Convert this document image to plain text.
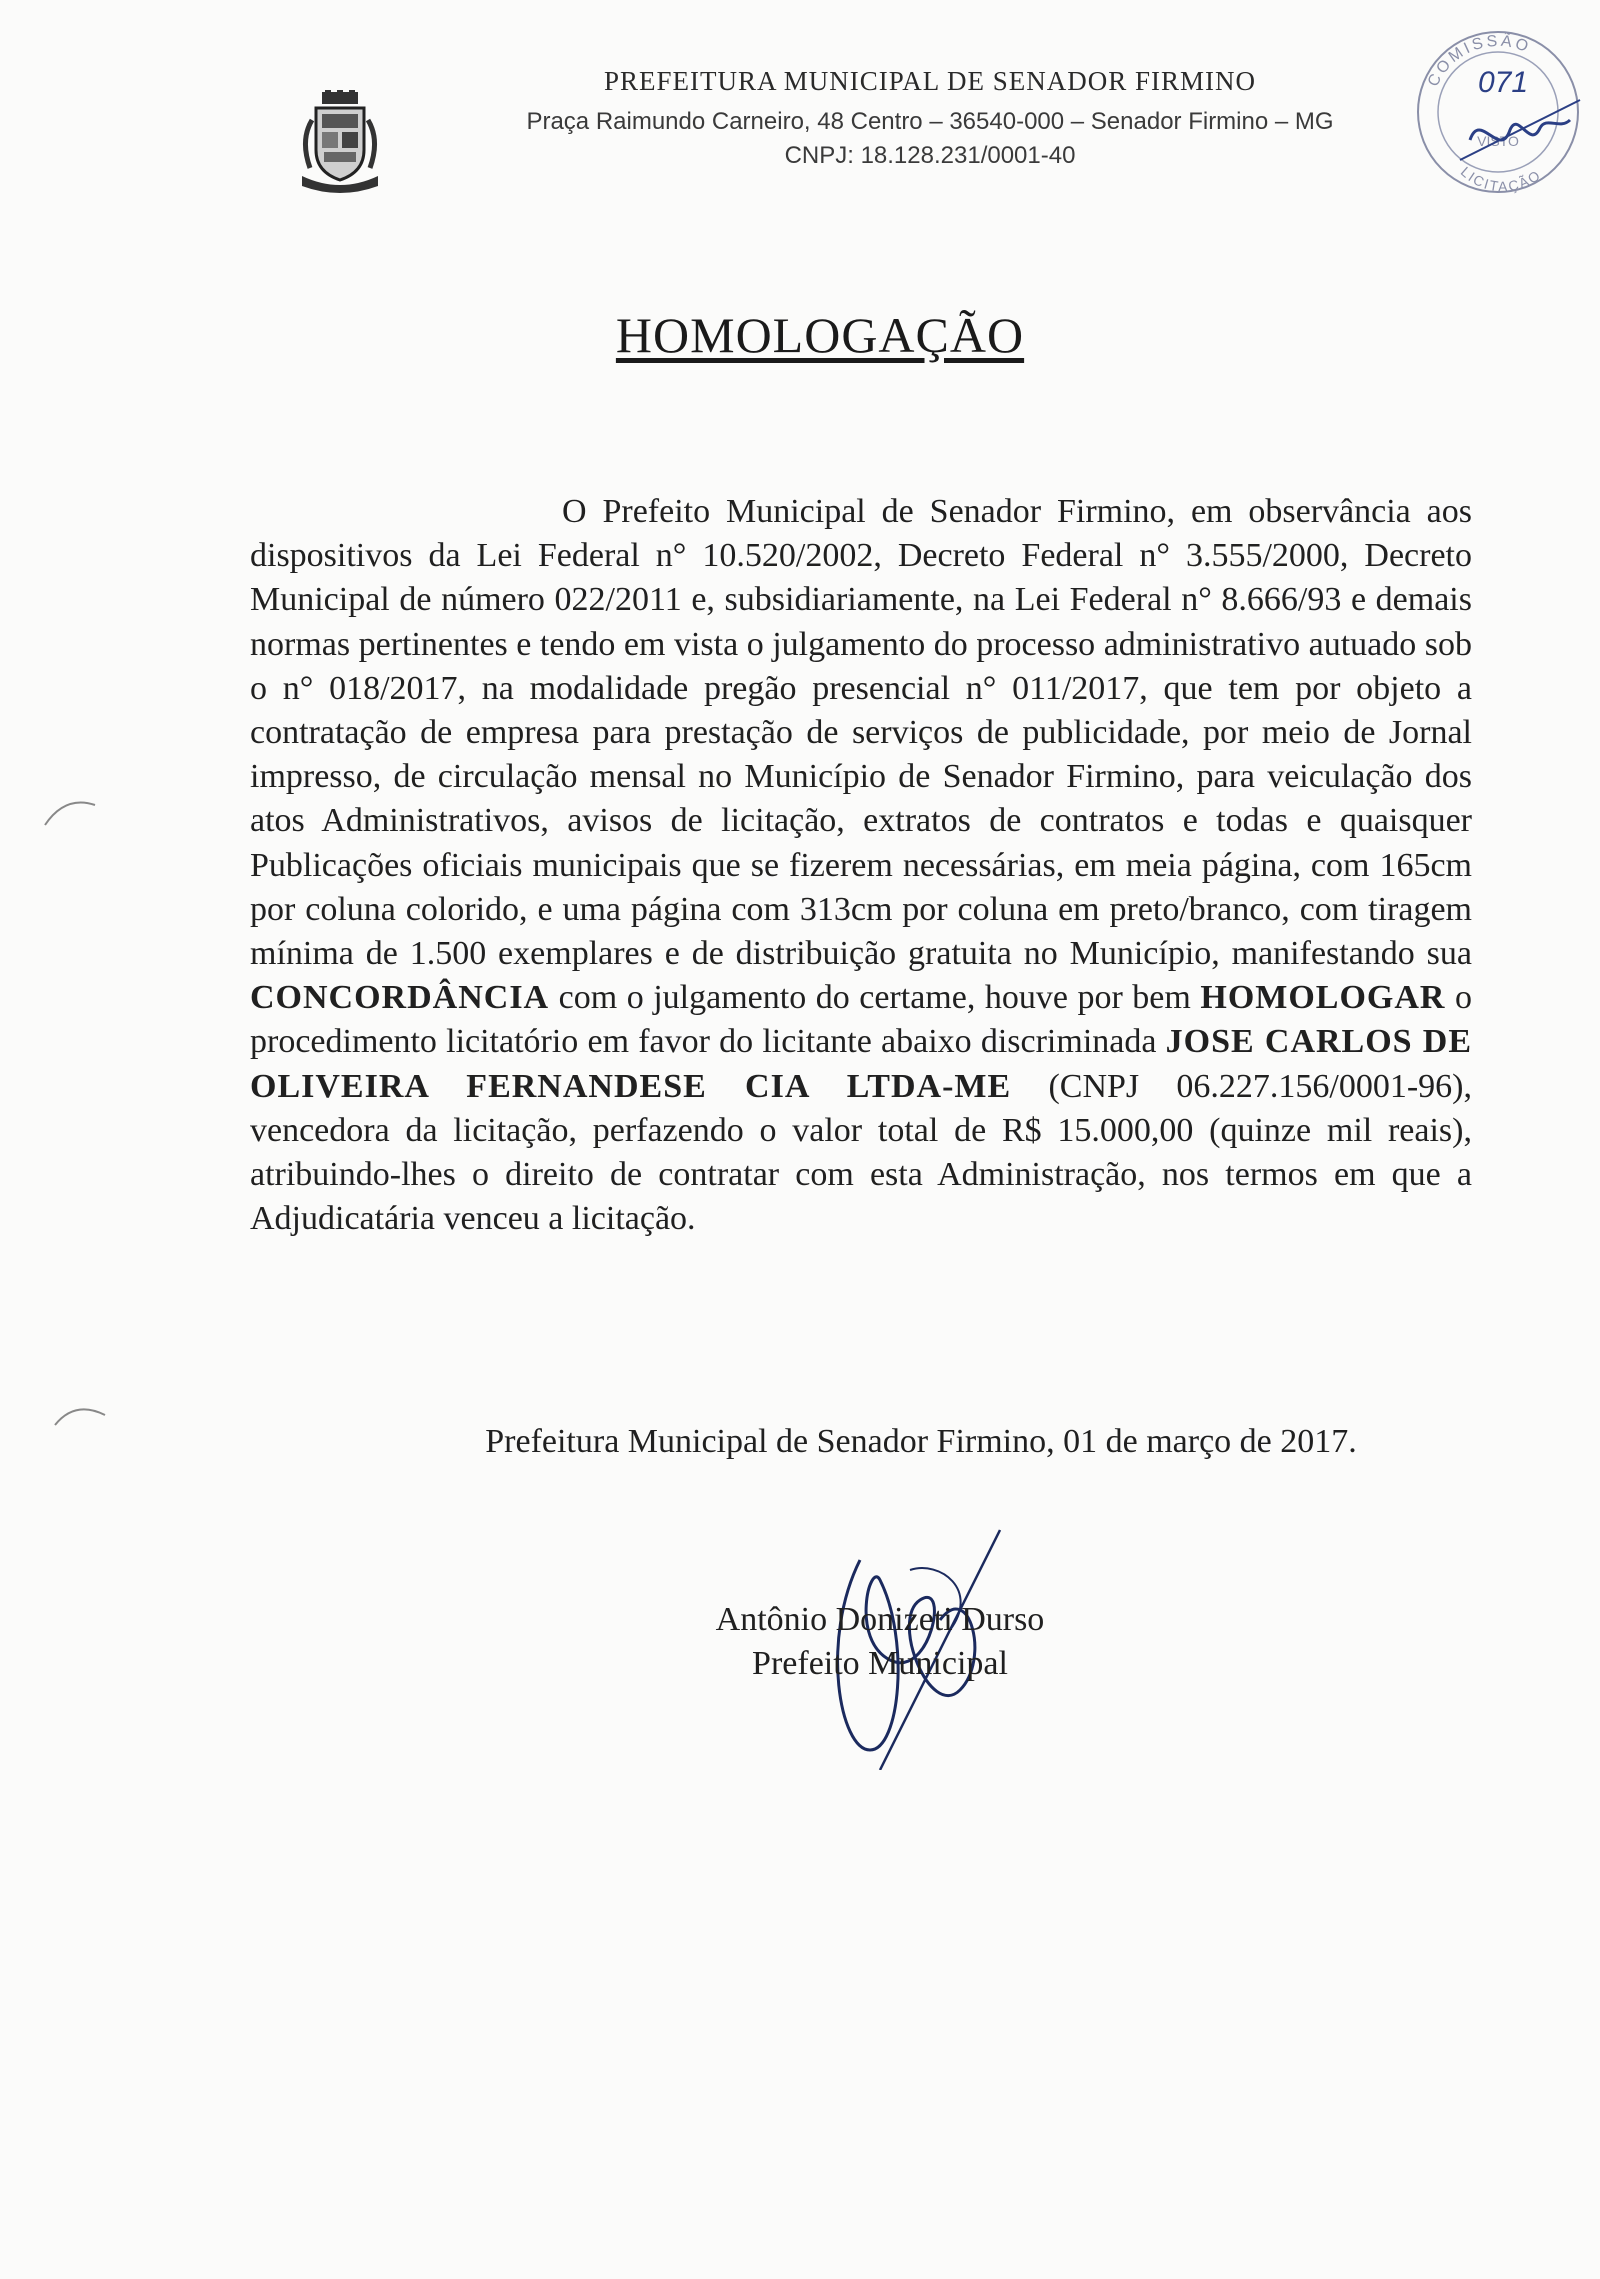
PREFEITURA MUNICIPAL DE SENADOR FIRMINO
Praça Raimundo Carneiro, 48 Centro – 36540-000 – Senador Firmino – MG
CNPJ: 18.128.231/0001-40
COMISSÃO
VISTO
LICITAÇÃO
071
HOMOLOGAÇÃO

O Prefeito Municipal de Senador Firmino, em observância aos dispositivos da Lei Federal n° 10.520/2002, Decreto Federal n° 3.555/2000, Decreto Municipal de número 022/2011 e, subsidiariamente, na Lei Federal n° 8.666/93 e demais normas pertinentes e tendo em vista o julgamento do processo administrativo autuado sob o n° 018/2017, na modalidade pregão presencial n° 011/2017, que tem por objeto a contratação de empresa para prestação de serviços de publicidade, por meio de Jornal impresso, de circulação mensal no Município de Senador Firmino, para veiculação dos atos Administrativos, avisos de licitação, extratos de contratos e todas e quaisquer Publicações oficiais municipais que se fizerem necessárias, em meia página, com 165cm por coluna colorido, e uma página com 313cm por coluna em preto/branco, com tiragem mínima de 1.500 exemplares e de distribuição gratuita no Município, manifestando sua CONCORDÂNCIA com o julgamento do certame, houve por bem HOMOLOGAR o procedimento licitatório em favor do licitante abaixo discriminada JOSE CARLOS DE OLIVEIRA FERNANDESE CIA LTDA-ME (CNPJ 06.227.156/0001-96), vencedora da licitação, perfazendo o valor total de R$ 15.000,00 (quinze mil reais), atribuindo-lhes o direito de contratar com esta Administração, nos termos em que a Adjudicatária venceu a licitação.

Prefeitura Municipal de Senador Firmino, 01 de março de 2017.
Antônio Donizeti Durso
Prefeito Municipal
